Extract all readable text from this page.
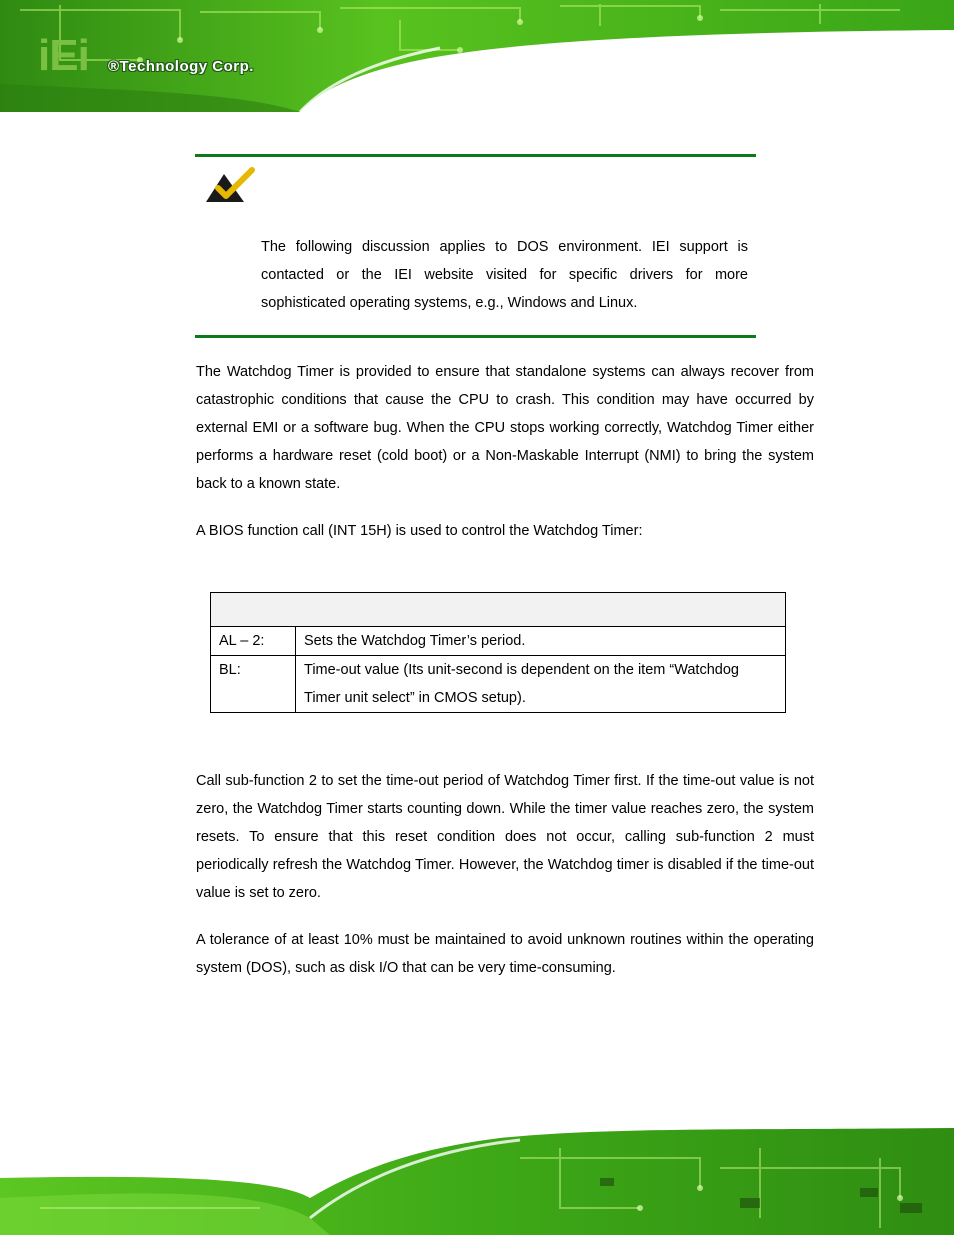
iEi ®Technology Corp.
The following discussion applies to DOS environment. IEI support is contacted or the IEI website visited for specific drivers for more sophisticated operating systems, e.g., Windows and Linux.

The Watchdog Timer is provided to ensure that standalone systems can always recover from catastrophic conditions that cause the CPU to crash. This condition may have occurred by external EMI or a software bug. When the CPU stops working correctly, Watchdog Timer either performs a hardware reset (cold boot) or a Non-Maskable Interrupt (NMI) to bring the system back to a known state.

A BIOS function call (INT 15H) is used to control the Watchdog Timer:

AL – 2:	Sets the Watchdog Timer’s period.
BL:	Time-out value (Its unit-second is dependent on the item “Watchdog Timer unit select” in CMOS setup).

Call sub-function 2 to set the time-out period of Watchdog Timer first. If the time-out value is not zero, the Watchdog Timer starts counting down. While the timer value reaches zero, the system resets. To ensure that this reset condition does not occur, calling sub-function 2 must periodically refresh the Watchdog Timer. However, the Watchdog timer is disabled if the time-out value is set to zero.

A tolerance of at least 10% must be maintained to avoid unknown routines within the operating system (DOS), such as disk I/O that can be very time-consuming.
